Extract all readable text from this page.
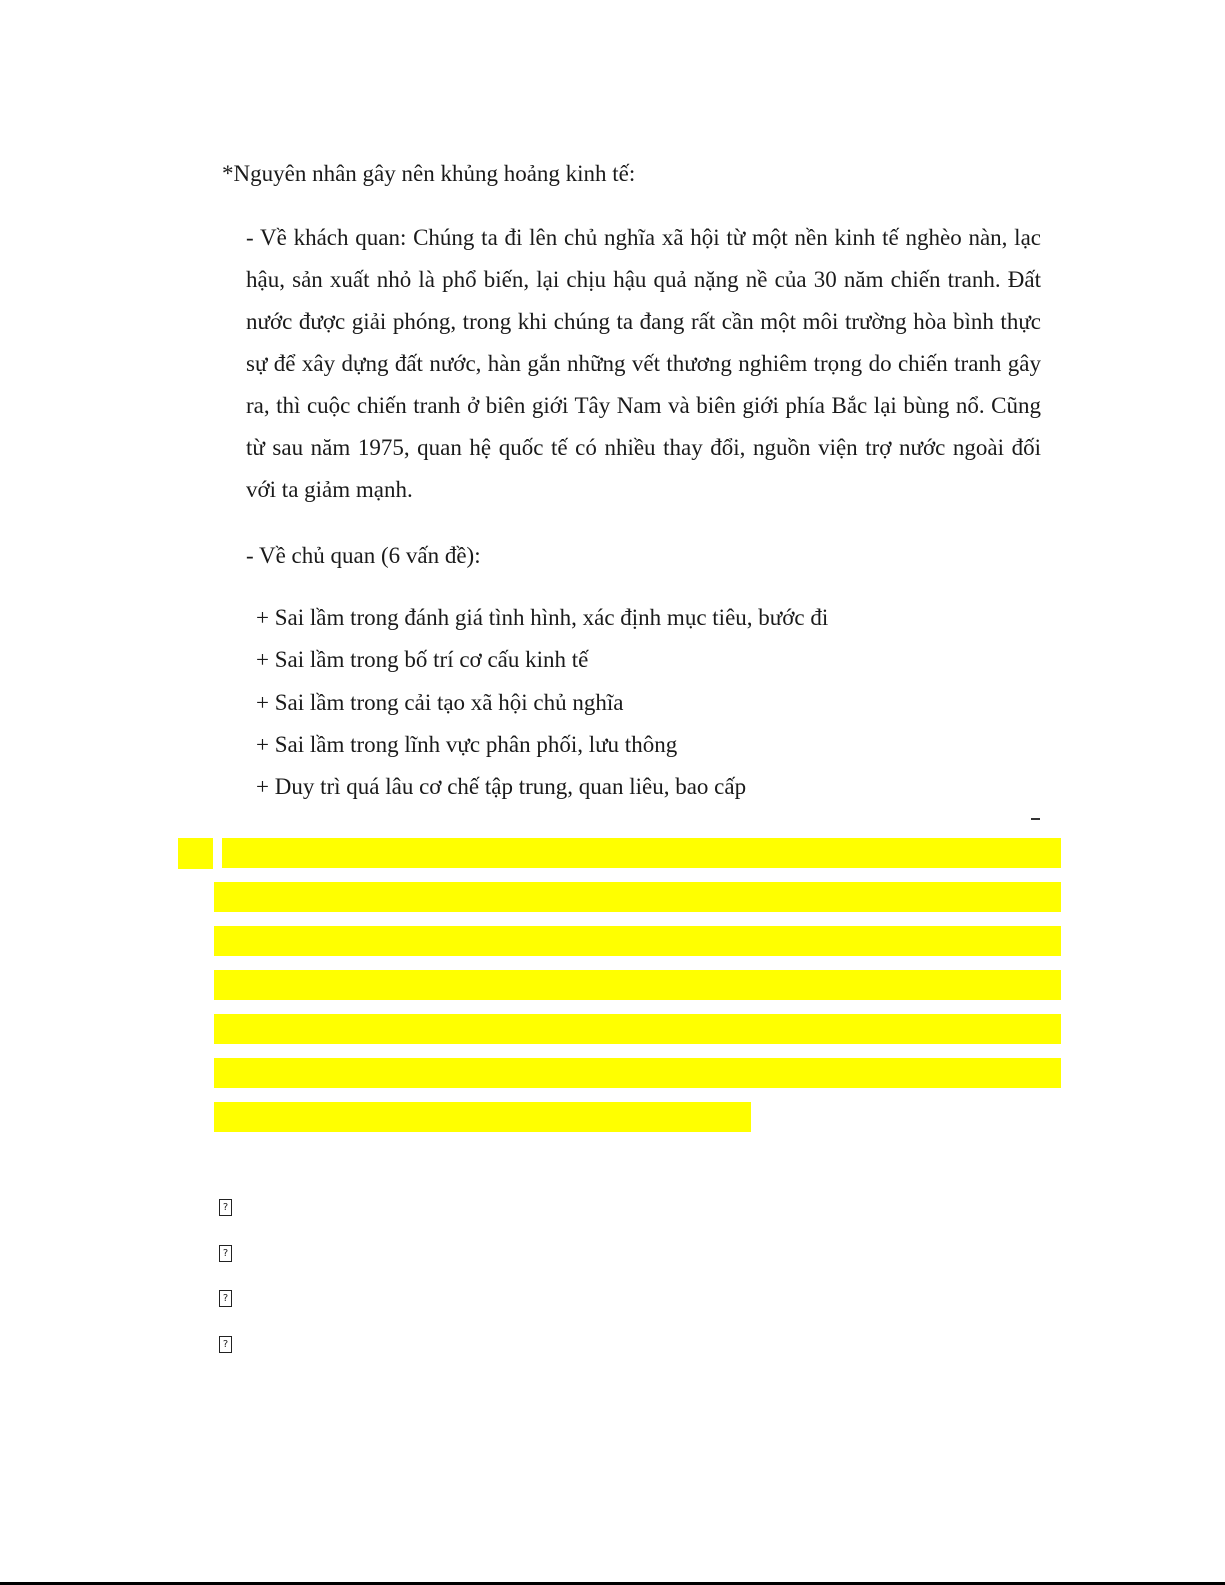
*Nguyên nhân gây nên khủng hoảng kinh tế:
- Về khách quan: Chúng ta đi lên chủ nghĩa xã hội từ một nền kinh tế nghèo nàn, lạc hậu, sản xuất nhỏ là phổ biến, lại chịu hậu quả nặng nề của 30 năm chiến tranh. Đất nước được giải phóng, trong khi chúng ta đang rất cần một môi trường hòa bình thực sự để xây dựng đất nước, hàn gắn những vết thương nghiêm trọng do chiến tranh gây ra, thì cuộc chiến tranh ở biên giới Tây Nam và biên giới phía Bắc lại bùng nổ. Cũng từ sau năm 1975, quan hệ quốc tế có nhiều thay đổi, nguồn viện trợ nước ngoài đối với ta giảm mạnh.
- Về chủ quan (6 vấn đề):
+ Sai lầm trong đánh giá tình hình, xác định mục tiêu, bước đi
+ Sai lầm trong bố trí cơ cấu kinh tế
+ Sai lầm trong cải tạo xã hội chủ nghĩa
+ Sai lầm trong lĩnh vực phân phối, lưu thông
+ Duy trì quá lâu cơ chế tập trung, quan liêu, bao cấp
?
?
?
?
